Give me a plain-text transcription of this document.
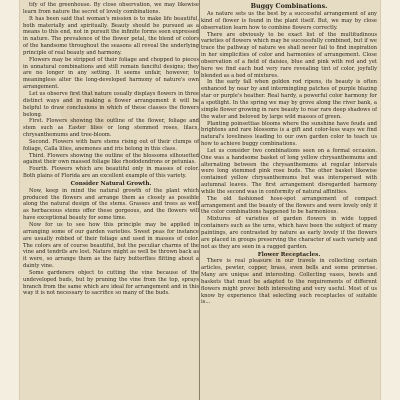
tify of the greenhouse. By close observation, we may likewise learn from nature the secret of lovely combinations.

It has been said that woman's mission is to make life beautiful, both materially and spiritually. Beauty should be pursued as a means to this end, not in pursuit the infinite forms seen expressed in nature. The prevalence of the flower petal, the blend of colors of the handsome throughout the seasons all reveal the underlying principle of real beauty and harmony.

Flowers may be stripped of their foliage and chopped to pieces in unnatural combinations and still remain fanciful designs; they are no longer in any setting. It seems unfair, however, to meaningless alter the long-developed harmony of nature's own arrangement.

Let us observe first that nature usually displays flowers in three distinct ways and in making a flower arrangement it will be helpful to draw conclusions in which of these classes the flowers belong.

First. Flowers showing the outline of the flower, foliage and stem such as Easter lilies or long stemmed roses, lilacs, chrysanthemums and tree-bloom.

Second. Flowers with bare stems rising out of their clumps of foliage, Calla lilies, anemones and iris belong in this class.

Third. Flowers showing the outline of the blossoms silhouetted against their own massed foliage like rhododendrons or petunias.

Fourth. Flowers which are beautiful only in masses of color. Both plains of Florida are an excellent example of this variety.

Consider Natural Growth.

Now, keep in mind the natural growth of the plant which produced the flowers and arrange them as closely as possible along the natural design of the stems. Grasses and trees as well as herbaceous stems offer these gorgeous, and the flowers will have exceptional beauty for some time.

Now for us to see how this principle may be applied in arranging some of our garden varieties. Sweet peas for instance are usually robbed of their foliage and used in masses of color. The colors are of course beautiful, but the peculiar charms of the vine and tendrils are lost. Nature might as well be thrown back as it were, so arrange them as the fairy butterflies flitting about a dainty vine.

Some gardeners object to cutting the vine because of the undeveloped buds, but by pruning the vine from the top, sprays branch from the same which are ideal for arrangement and in this way it is not necessary to sacrifice so many of the buds.

Buggy Combinations.

As nature sets us the best by a successful arrangement of any kind of flower is found in the plant itself. But, we may by close observation learn how to combine flowers correctly.

There are obviously to be exact list of the multitudinous varieties of flowers which may be successfully combined, but if we trace the pathway of nature we shall never fail to find inspiration in her simplicities of color and harmonies of arrangement. Close observation of a field of daisies, blue and pink with red and yet here we find each bud very rare revealing tint of color, joyfully blended as a bed of mixtures.

In the early fall when golden rod ripens, its beauty is often enhanced by near by and intermingling patches of purple blazing star or purple's heather. Real hardy, a powerful color harmony for a spotlight. In the spring we may by grove along the river bank, a simple flower growing in rare beauty to rear rare deep shadows of the water and beloved by large wild masses of green.

Planting poinsettias blooms where the sunshine have feuds and brightens and rare blossoms is a gift and color-less ways we find natural's loveliness leading to our own garden color to teach us how to achieve buggy combinations.

Let us consider two combinations seen on a formal occasion. One was a handsome basket of long yellow chrysanthemums and alternating between the chrysanthemums at regular intervals were long stemmed pink rose buds. The other basket likewise contained yellow chrysanthemums but was interspersed with autumnal leaves. The first arrangement disregarded harmony while the second was in conformity of natural affinities.

The old fashioned hose-spot arrangement of compact arrangement and the beauty of the flowers and were lovely only if the color combinations happened to be harmonious.

Mixtures of varieties of garden flowers in wide topped containers such as the urns, which have been the subject of many paintings, are contrasted by nature as early lovely if the flowers are placed in groups preserving the character of each variety and not as they are seen in a ragged garden.

Flower Receptacles.

There is real pleasure in our travels in collecting certain articles, pewter, copper, brass, even bells and some primrose. Many are unique and interesting. Collecting vases, bowls and baskets that must be adapted to the requirements of different flowers might prove both interesting and very useful. Most of us know by experience that selecting such receptacles of suitable is...
